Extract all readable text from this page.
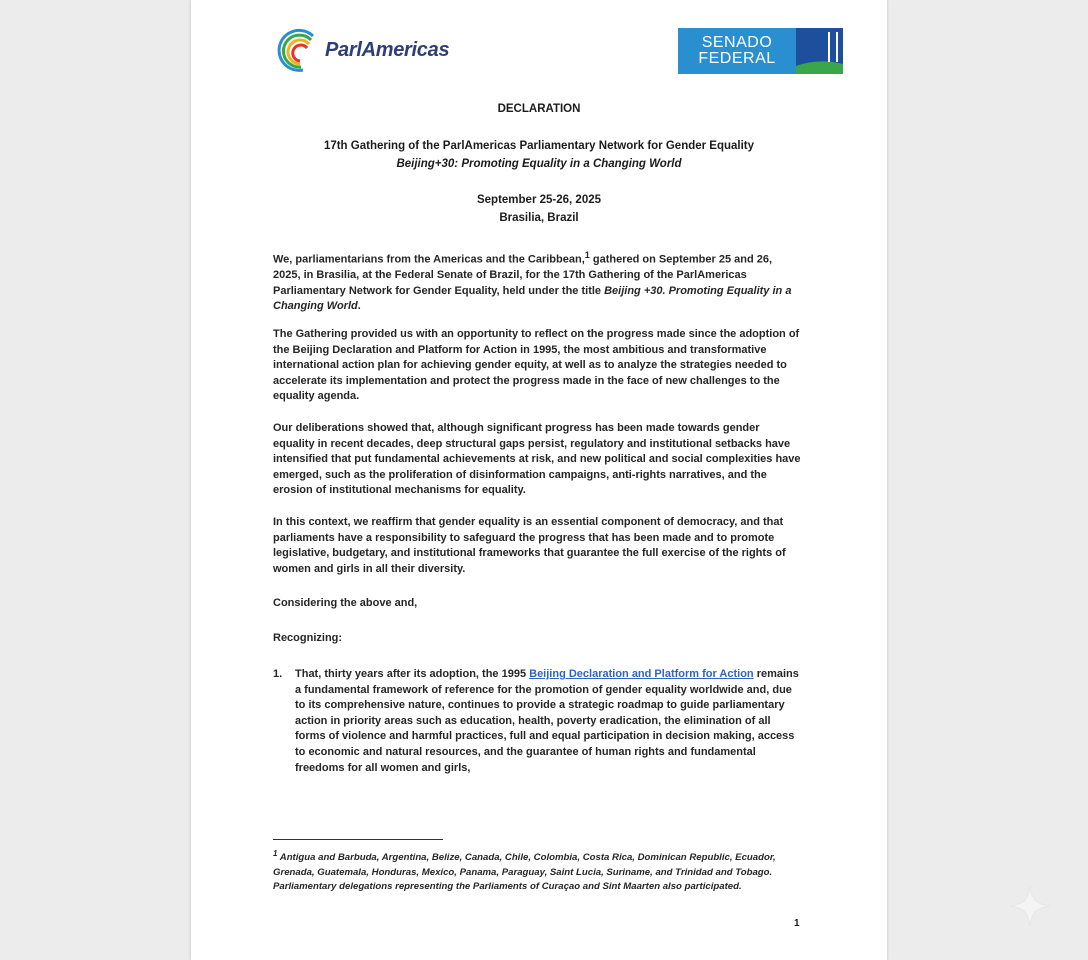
ParlAmericas	SENADO
FEDERAL
DECLARATION
17th Gathering of the ParlAmericas Parliamentary Network for Gender Equality
Beijing+30: Promoting Equality in a Changing World
September 25-26, 2025
Brasilia, Brazil

We, parliamentarians from the Americas and the Caribbean,$^1$ gathered on September 25 and 26, 2025, in Brasilia, at the Federal Senate of Brazil, for the 17th Gathering of the ParlAmericas Parliamentary Network for Gender Equality, held under the title Beijing +30. Promoting Equality in a Changing World.

The Gathering provided us with an opportunity to reflect on the progress made since the adoption of the Beijing Declaration and Platform for Action in 1995, the most ambitious and transformative international action plan for achieving gender equity, at well as to analyze the strategies needed to accelerate its implementation and protect the progress made in the face of new challenges to the equality agenda.

Our deliberations showed that, although significant progress has been made towards gender equality in recent decades, deep structural gaps persist, regulatory and institutional setbacks have intensified that put fundamental achievements at risk, and new political and social complexities have emerged, such as the proliferation of disinformation campaigns, anti-rights narratives, and the erosion of institutional mechanisms for equality.

In this context, we reaffirm that gender equality is an essential component of democracy, and that parliaments have a responsibility to safeguard the progress that has been made and to promote legislative, budgetary, and institutional frameworks that guarantee the full exercise of the rights of women and girls in all their diversity.

Considering the above and,

Recognizing:

1.	That, thirty years after its adoption, the 1995 Beijing Declaration and Platform for Action remains a fundamental framework of reference for the promotion of gender equality worldwide and, due to its comprehensive nature, continues to provide a strategic roadmap to guide parliamentary action in priority areas such as education, health, poverty eradication, the elimination of all forms of violence and harmful practices, full and equal participation in decision making, access to economic and natural resources, and the guarantee of human rights and fundamental freedoms for all women and girls,

$^1$ Antigua and Barbuda, Argentina, Belize, Canada, Chile, Colombia, Costa Rica, Dominican Republic, Ecuador, Grenada, Guatemala, Honduras, Mexico, Panama, Paraguay, Saint Lucia, Suriname, and Trinidad and Tobago. Parliamentary delegations representing the Parliaments of Curaçao and Sint Maarten also participated.

1
